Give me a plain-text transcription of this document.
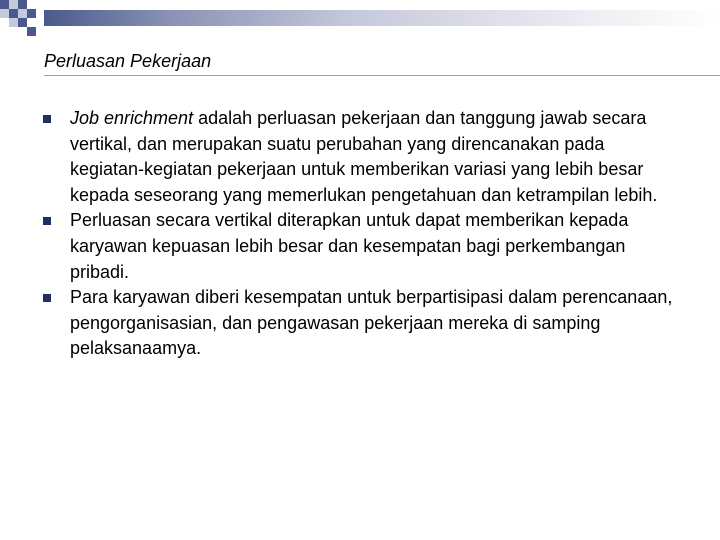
Perluasan Pekerjaan
Job enrichment adalah perluasan pekerjaan dan tanggung jawab secara vertikal, dan merupakan suatu perubahan yang direncanakan pada kegiatan-kegiatan pekerjaan untuk memberikan variasi yang lebih besar kepada seseorang yang memerlukan pengetahuan dan ketrampilan lebih.
Perluasan secara vertikal diterapkan untuk dapat memberikan kepada karyawan kepuasan lebih besar dan kesempatan bagi perkembangan pribadi.
Para karyawan diberi kesempatan untuk berpartisipasi dalam perencanaan, pengorganisasian, dan pengawasan pekerjaan mereka di samping pelaksanaamya.
